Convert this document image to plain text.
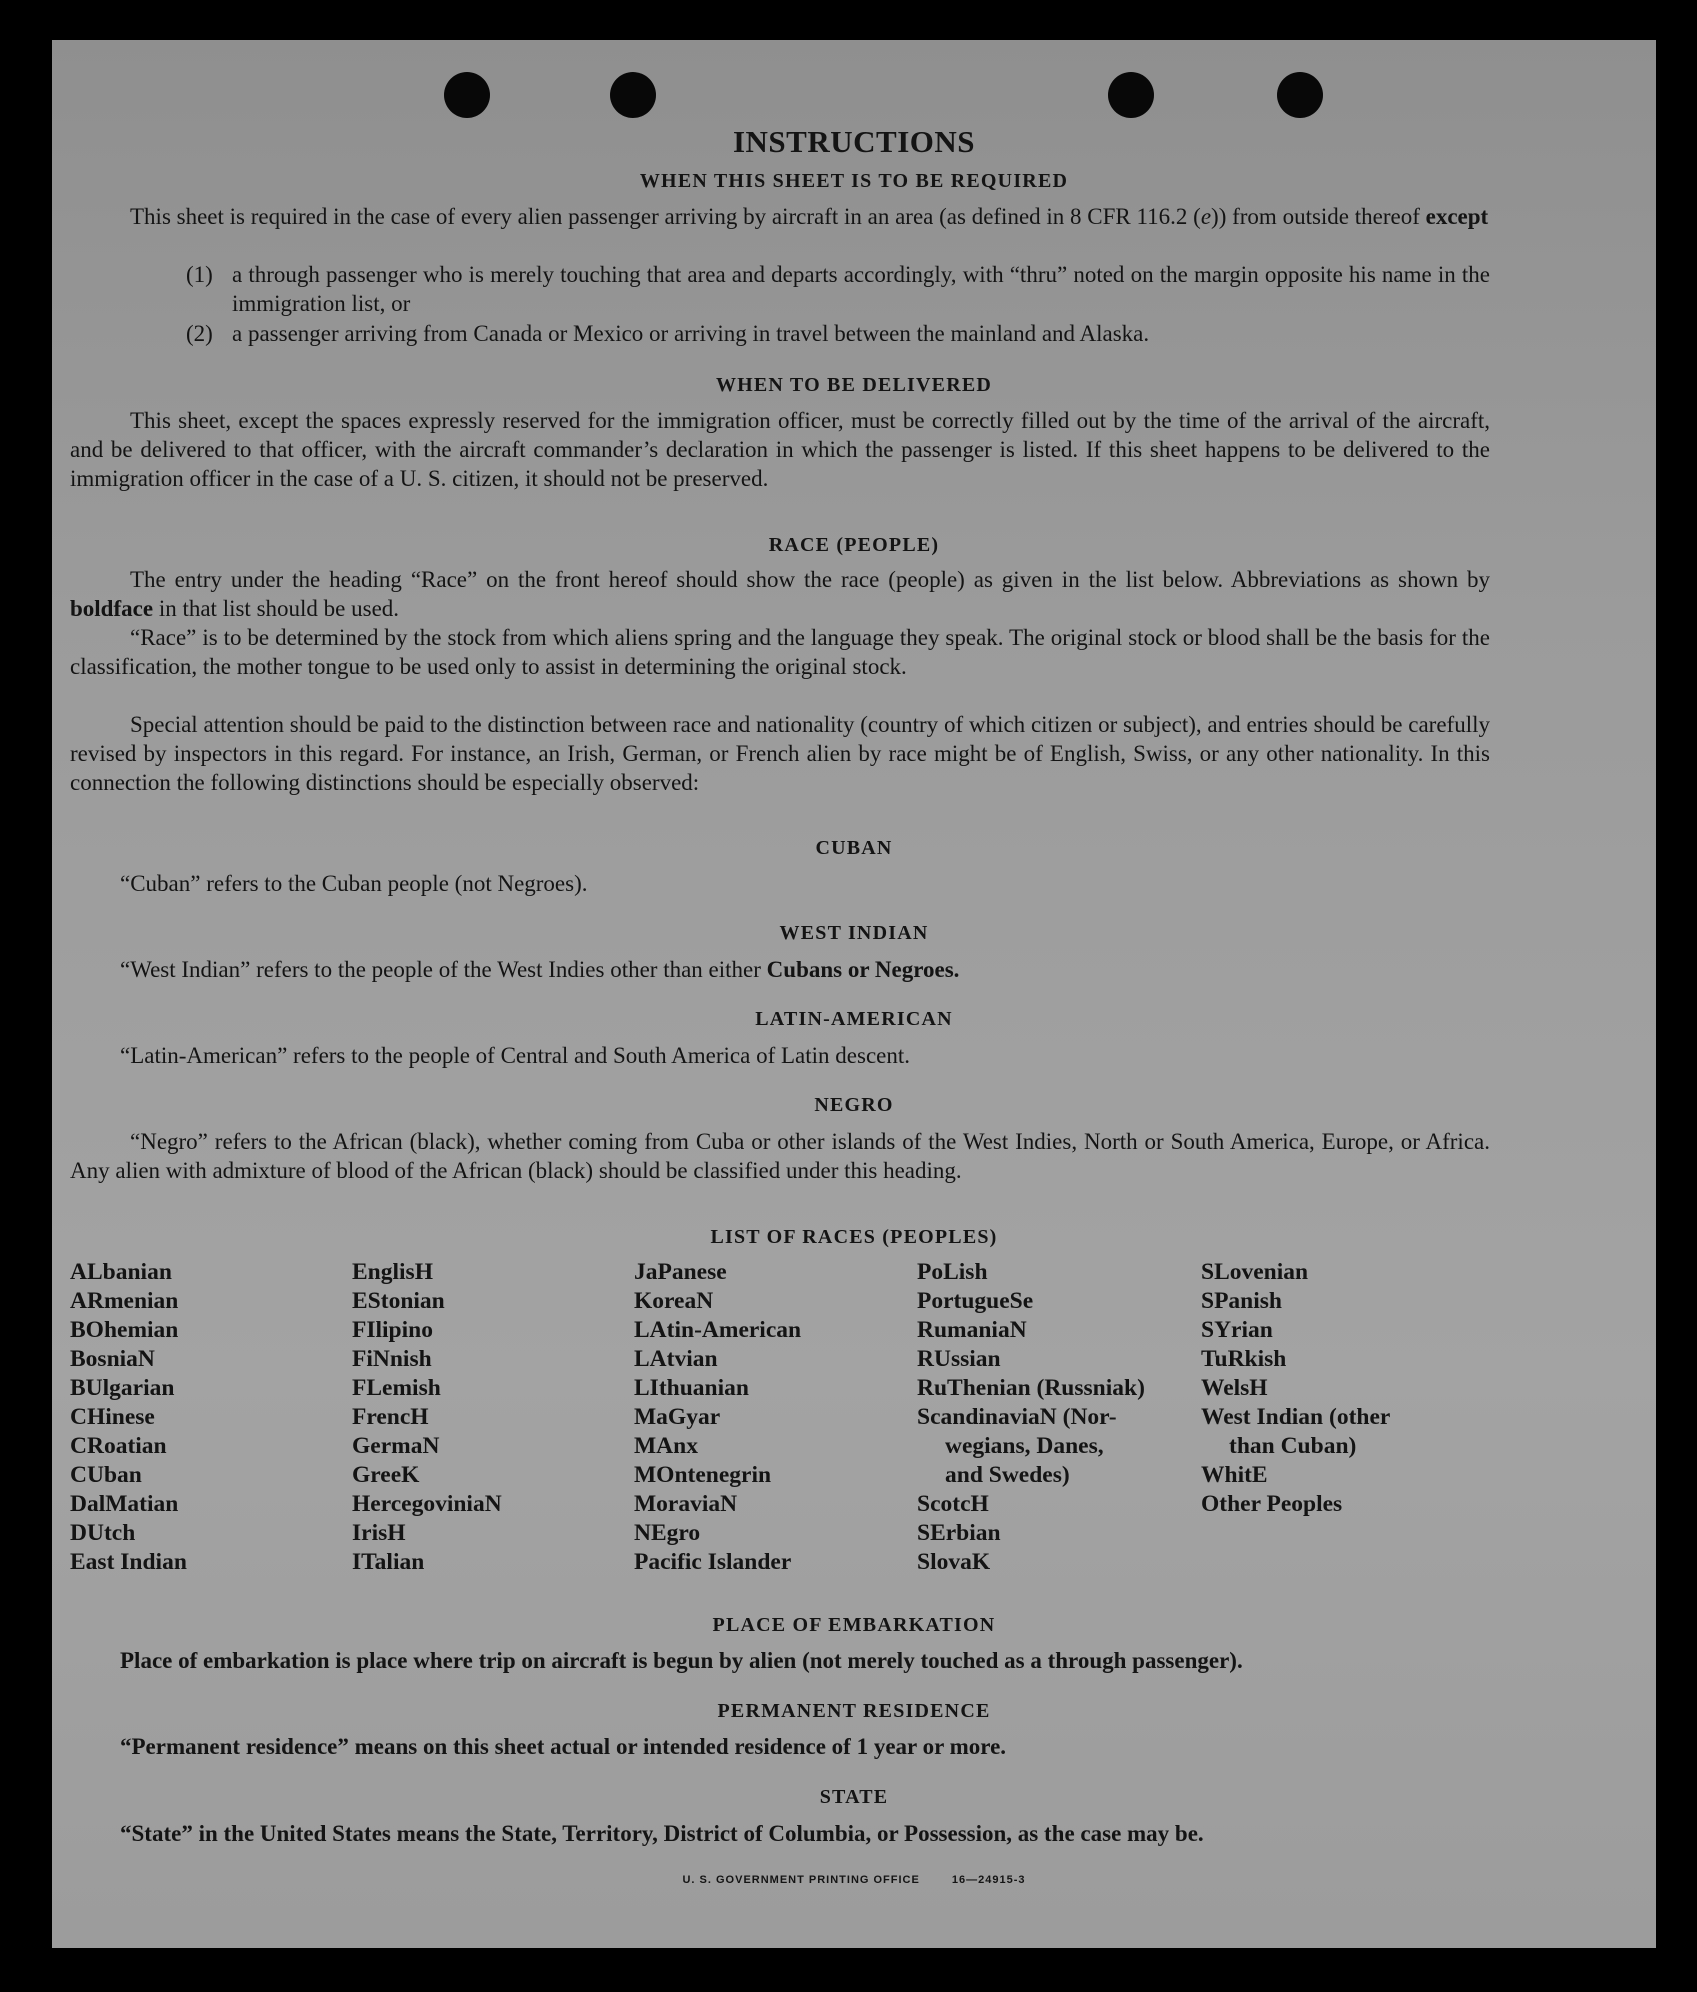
INSTRUCTIONS
WHEN THIS SHEET IS TO BE REQUIRED
This sheet is required in the case of every alien passenger arriving by aircraft in an area (as defined in 8 CFR 116.2 (e)) from outside thereof except
(1) a through passenger who is merely touching that area and departs accordingly, with “thru” noted on the margin opposite his name in the immigration list, or
(2) a passenger arriving from Canada or Mexico or arriving in travel between the mainland and Alaska.
WHEN TO BE DELIVERED
This sheet, except the spaces expressly reserved for the immigration officer, must be correctly filled out by the time of the arrival of the aircraft, and be delivered to that officer, with the aircraft commander’s declaration in which the passenger is listed. If this sheet happens to be delivered to the immigration officer in the case of a U. S. citizen, it should not be preserved.
RACE (PEOPLE)
The entry under the heading “Race” on the front hereof should show the race (people) as given in the list below. Abbreviations as shown by boldface in that list should be used.
“Race” is to be determined by the stock from which aliens spring and the language they speak. The original stock or blood shall be the basis for the classification, the mother tongue to be used only to assist in determining the original stock.
Special attention should be paid to the distinction between race and nationality (country of which citizen or subject), and entries should be carefully revised by inspectors in this regard. For instance, an Irish, German, or French alien by race might be of English, Swiss, or any other nationality. In this connection the following distinctions should be especially observed:
CUBAN
“Cuban” refers to the Cuban people (not Negroes).
WEST INDIAN
“West Indian” refers to the people of the West Indies other than either Cubans or Negroes.
LATIN-AMERICAN
“Latin-American” refers to the people of Central and South America of Latin descent.
NEGRO
“Negro” refers to the African (black), whether coming from Cuba or other islands of the West Indies, North or South America, Europe, or Africa. Any alien with admixture of blood of the African (black) should be classified under this heading.
LIST OF RACES (PEOPLES)
ALbanian
ARmenian
BOhemian
BosniaN
BUlgarian
CHinese
CRoatian
CUban
DalMatian
DUtch
East Indian
EnglisH
EStonian
FIlipino
FiNnish
FLemish
FrencH
GermaN
GreeK
HercegoviniaN
IrisH
ITalian
JaPanese
KoreaN
LAtin-American
LAtvian
LIthuanian
MaGyar
MAnx
MOntenegrin
MoraviaN
NEgro
Pacific Islander
PoLish
PortugueSe
RumaniaN
RUssian
RuThenian (Russniak)
ScandinaviaN (Nor-
wegians, Danes,
and Swedes)
ScotcH
SErbian
SlovaK
SLovenian
SPanish
SYrian
TuRkish
WelsH
West Indian (other
than Cuban)
WhitE
Other Peoples
PLACE OF EMBARKATION
Place of embarkation is place where trip on aircraft is begun by alien (not merely touched as a through passenger).
PERMANENT RESIDENCE
“Permanent residence” means on this sheet actual or intended residence of 1 year or more.
STATE
“State” in the United States means the State, Territory, District of Columbia, or Possession, as the case may be.
U. S. GOVERNMENT PRINTING OFFICE	16—24915-3
